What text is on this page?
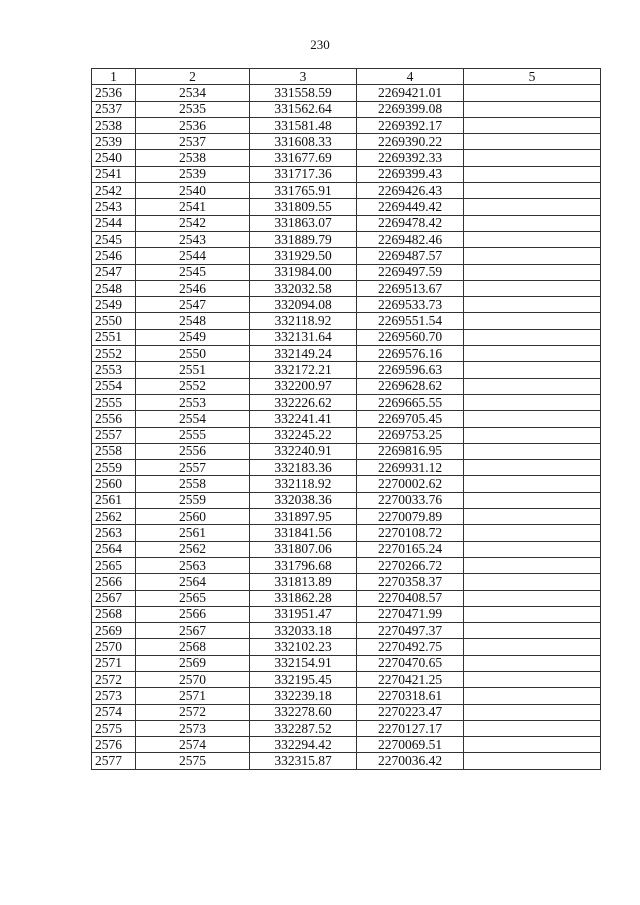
230
1	2	3	4	5
2536	2534	331558.59	2269421.01	
2537	2535	331562.64	2269399.08	
2538	2536	331581.48	2269392.17	
2539	2537	331608.33	2269390.22	
2540	2538	331677.69	2269392.33	
2541	2539	331717.36	2269399.43	
2542	2540	331765.91	2269426.43	
2543	2541	331809.55	2269449.42	
2544	2542	331863.07	2269478.42	
2545	2543	331889.79	2269482.46	
2546	2544	331929.50	2269487.57	
2547	2545	331984.00	2269497.59	
2548	2546	332032.58	2269513.67	
2549	2547	332094.08	2269533.73	
2550	2548	332118.92	2269551.54	
2551	2549	332131.64	2269560.70	
2552	2550	332149.24	2269576.16	
2553	2551	332172.21	2269596.63	
2554	2552	332200.97	2269628.62	
2555	2553	332226.62	2269665.55	
2556	2554	332241.41	2269705.45	
2557	2555	332245.22	2269753.25	
2558	2556	332240.91	2269816.95	
2559	2557	332183.36	2269931.12	
2560	2558	332118.92	2270002.62	
2561	2559	332038.36	2270033.76	
2562	2560	331897.95	2270079.89	
2563	2561	331841.56	2270108.72	
2564	2562	331807.06	2270165.24	
2565	2563	331796.68	2270266.72	
2566	2564	331813.89	2270358.37	
2567	2565	331862.28	2270408.57	
2568	2566	331951.47	2270471.99	
2569	2567	332033.18	2270497.37	
2570	2568	332102.23	2270492.75	
2571	2569	332154.91	2270470.65	
2572	2570	332195.45	2270421.25	
2573	2571	332239.18	2270318.61	
2574	2572	332278.60	2270223.47	
2575	2573	332287.52	2270127.17	
2576	2574	332294.42	2270069.51	
2577	2575	332315.87	2270036.42	
